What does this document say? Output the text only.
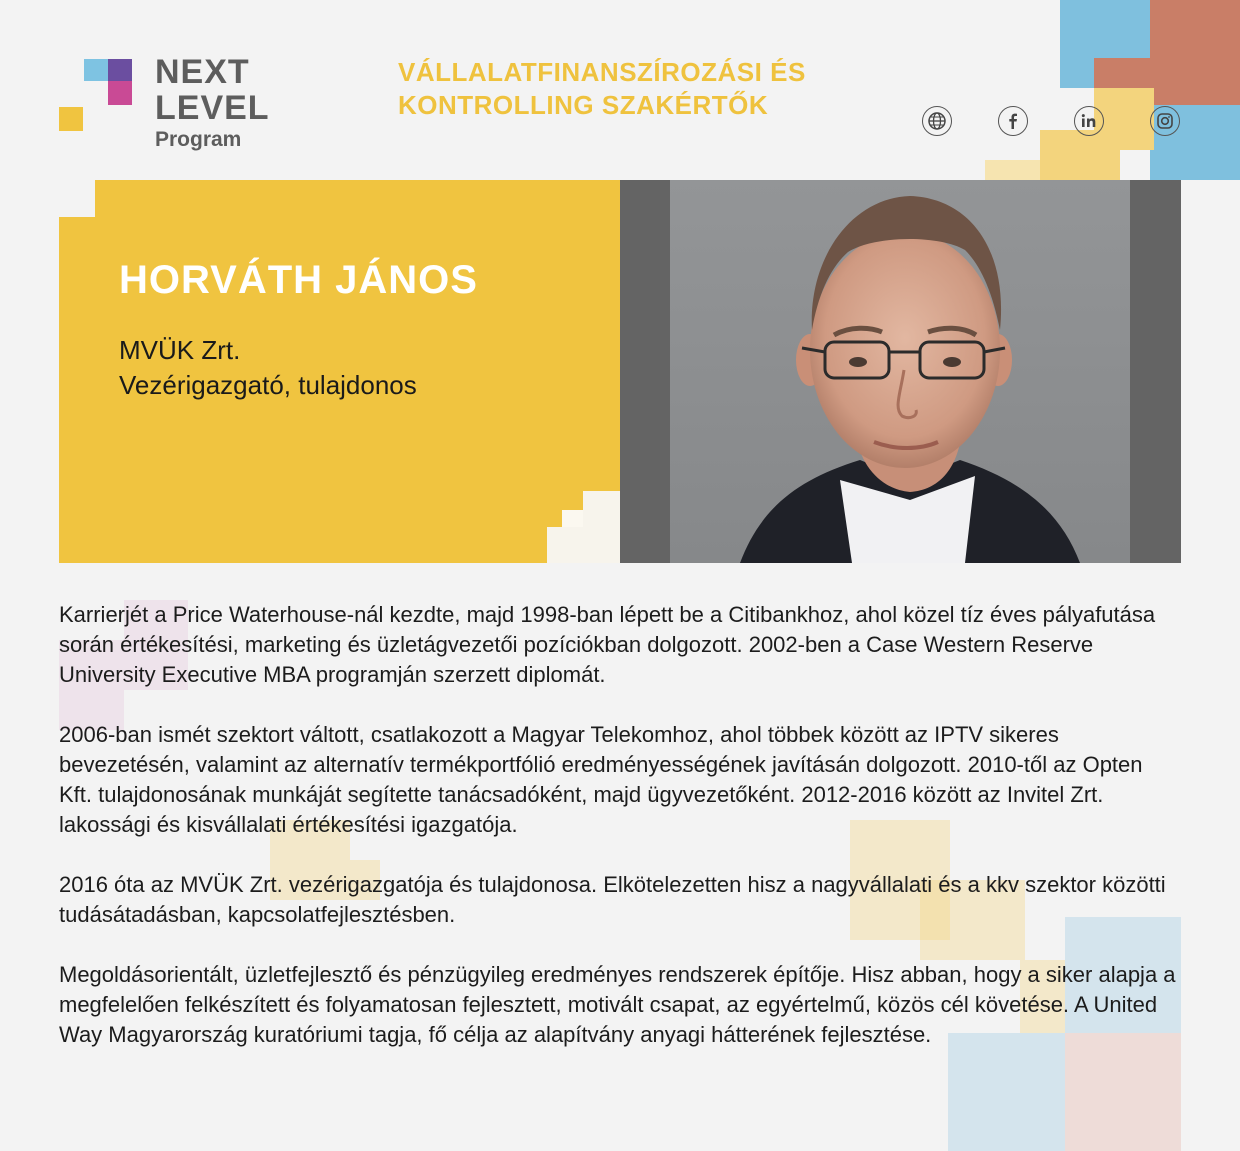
NEXT
LEVEL
Program
VÁLLALATFINANSZÍROZÁSI ÉS
KONTROLLING SZAKÉRTŐK
HORVÁTH JÁNOS
MVÜK Zrt.
Vezérigazgató, tulajdonos

Karrierjét a Price Waterhouse-nál kezdte, majd 1998-ban lépett be a Citibankhoz, ahol közel tíz éves pályafutása során értékesítési, marketing és üzletágvezetői pozíciókban dolgozott. 2002-ben a Case Western Reserve University Executive MBA programján szerzett diplomát.

2006-ban ismét szektort váltott, csatlakozott a Magyar Telekomhoz, ahol többek között az IPTV sikeres bevezetésén, valamint az alternatív termékportfólió eredményességének javításán dolgozott. 2010-től az Opten Kft. tulajdonosának munkáját segítette tanácsadóként, majd ügyvezetőként. 2012-2016 között az Invitel Zrt. lakossági és kisvállalati értékesítési igazgatója.

2016 óta az MVÜK Zrt. vezérigazgatója és tulajdonosa. Elkötelezetten hisz a nagyvállalati és a kkv szektor közötti tudásátadásban, kapcsolatfejlesztésben.

Megoldásorientált, üzletfejlesztő és pénzügyileg eredményes rendszerek építője. Hisz abban, hogy a siker alapja a megfelelően felkészített és folyamatosan fejlesztett, motivált csapat, az egyértelmű, közös cél követése. A United Way Magyarország kuratóriumi tagja, fő célja az alapítvány anyagi hátterének fejlesztése.
